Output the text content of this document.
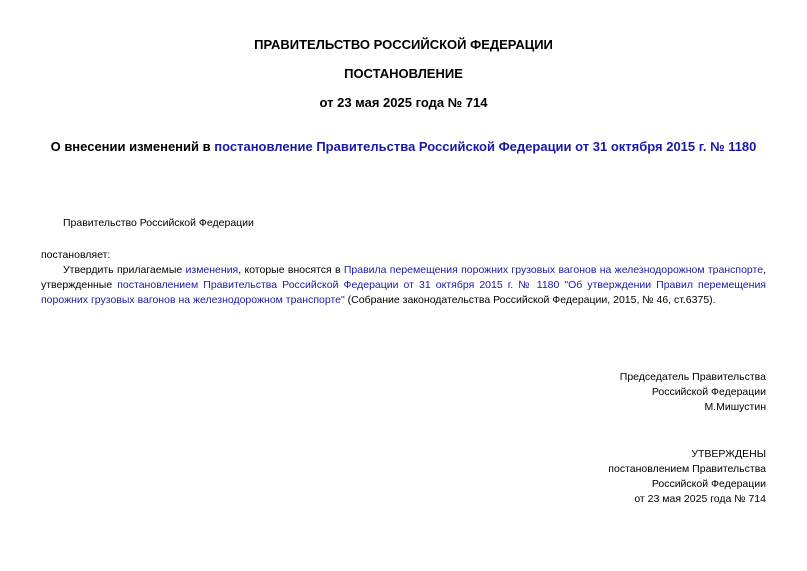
ПРАВИТЕЛЬСТВО РОССИЙСКОЙ ФЕДЕРАЦИИ
ПОСТАНОВЛЕНИЕ
от 23 мая 2025 года № 714
О внесении изменений в постановление Правительства Российской Федерации от 31 октября 2015 г. № 1180
Правительство Российской Федерации
постановляет:
Утвердить прилагаемые изменения, которые вносятся в Правила перемещения порожних грузовых вагонов на железнодорожном транспорте, утвержденные постановлением Правительства Российской Федерации от 31 октября 2015 г. № 1180 "Об утверждении Правил перемещения порожних грузовых вагонов на железнодорожном транспорте" (Собрание законодательства Российской Федерации, 2015, № 46, ст.6375).
Председатель Правительства
Российской Федерации
М.Мишустин
УТВЕРЖДЕНЫ
постановлением Правительства
Российской Федерации
от 23 мая 2025 года № 714
